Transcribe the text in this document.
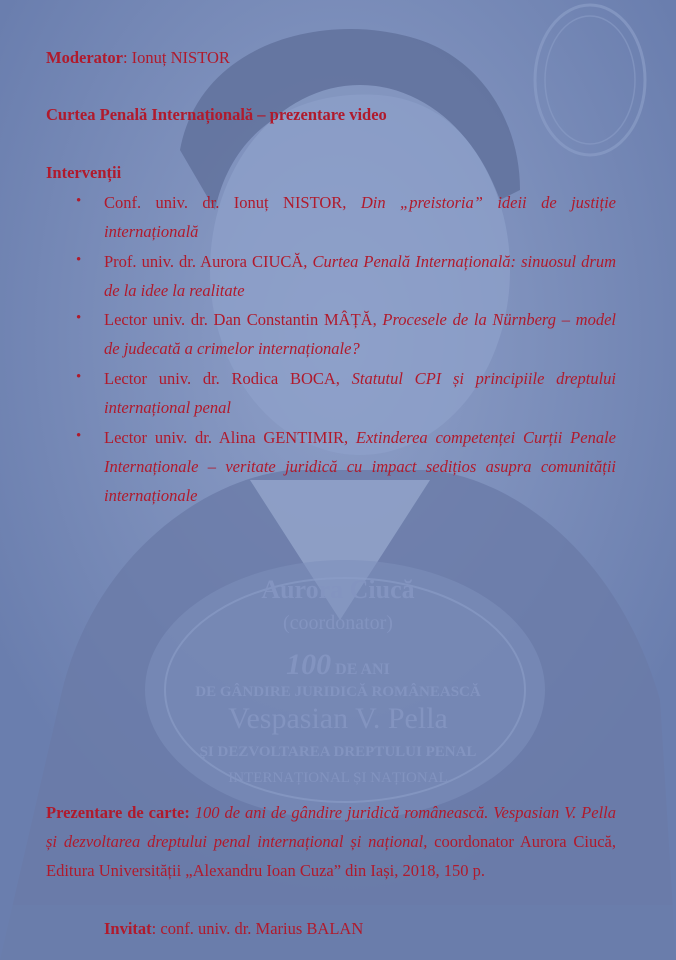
Aurora Ciucă
(coordonator)
100 DE ANI
DE GÂNDIRE JURIDICĂ ROMÂNEASCĂ
Vespasian V. Pella
ȘI DEZVOLTAREA DREPTULUI PENAL
INTERNAȚIONAL ȘI NAȚIONAL
Moderator: Ionuț NISTOR
Curtea Penală Internațională – prezentare video
Intervenții
• Conf. univ. dr. Ionuț NISTOR, Din „preistoria” ideii de justiție internațională
• Prof. univ. dr. Aurora CIUCĂ, Curtea Penală Internațională: sinuosul drum de la idee la realitate
• Lector univ. dr. Dan Constantin MÂȚĂ, Procesele de la Nürnberg – model de judecată a crimelor internaționale?
• Lector univ. dr. Rodica BOCA, Statutul CPI și principiile dreptului internațional penal
• Lector univ. dr. Alina GENTIMIR, Extinderea competenței Curții Penale Internaționale – veritate juridică cu impact sedițios asupra comunității internaționale
Prezentare de carte: 100 de ani de gândire juridică românească. Vespasian V. Pella și dezvoltarea dreptului penal internațional și național, coordonator Aurora Ciucă, Editura Universității „Alexandru Ioan Cuza” din Iași, 2018, 150 p.
Invitat: conf. univ. dr. Marius BALAN
